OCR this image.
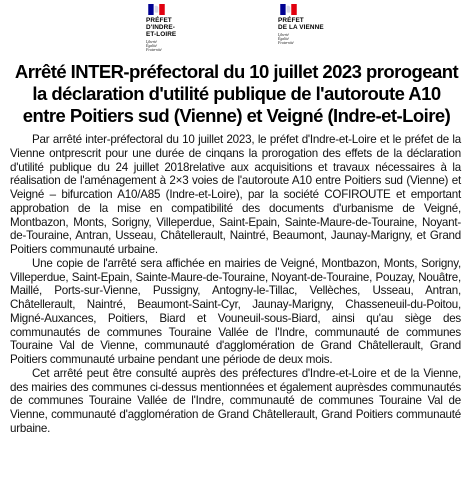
PRÉFET
D'INDRE-
ET-LOIRE
Liberté
Égalité
Fraternité
PRÉFET
DE LA VIENNE
Liberté
Égalité
Fraternité
Arrêté INTER-préfectoral du 10 juillet 2023 prorogeant la déclaration d'utilité publique de l'autoroute A10 entre Poitiers sud (Vienne) et Veigné (Indre-et-Loire)

Par arrêté inter-préfectoral du 10 juillet 2023, le préfet d'Indre-et-Loire et le préfet de la Vienne ontprescrit pour une durée de cinqans la prorogation des effets de la déclaration d'utilité publique du 24 juillet 2018relative aux acquisitions et travaux nécessaires à la réalisation de l'aménagement à 2×3 voies de l'autoroute A10 entre Poitiers sud (Vienne) et Veigné – bifurcation A10/A85 (Indre-et-Loire), par la société COFIROUTE et emportant approbation de la mise en compatibilité des documents d'urbanisme de Veigné, Montbazon, Monts, Sorigny, Villeperdue, Saint-Epain, Sainte-Maure-de-Touraine, Noyant-de-Touraine, Antran, Usseau, Châtellerault, Naintré, Beaumont, Jaunay-Marigny, et Grand Poitiers communauté urbaine.

Une copie de l'arrêté sera affichée en mairies de Veigné, Montbazon, Monts, Sorigny, Villeperdue, Saint-Epain, Sainte-Maure-de-Touraine, Noyant-de-Touraine, Pouzay, Nouâtre, Maillé, Ports-sur-Vienne, Pussigny, Antogny-le-Tillac, Vellèches, Usseau, Antran, Châtellerault, Naintré, Beaumont-Saint-Cyr, Jaunay-Marigny, Chasseneuil-du-Poitou, Migné-Auxances, Poitiers, Biard et Vouneuil-sous-Biard, ainsi qu'au siège des communautés de communes Touraine Vallée de l'Indre, communauté de communes Touraine Val de Vienne, communauté d'agglomération de Grand Châtellerault, Grand Poitiers communauté urbaine pendant une période de deux mois.

Cet arrêté peut être consulté auprès des préfectures d'Indre-et-Loire et de la Vienne, des mairies des communes ci-dessus mentionnées et également auprèsdes communautés de communes Touraine Vallée de l'Indre, communauté de communes Touraine Val de Vienne, communauté d'agglomération de Grand Châtellerault, Grand Poitiers communauté urbaine.
